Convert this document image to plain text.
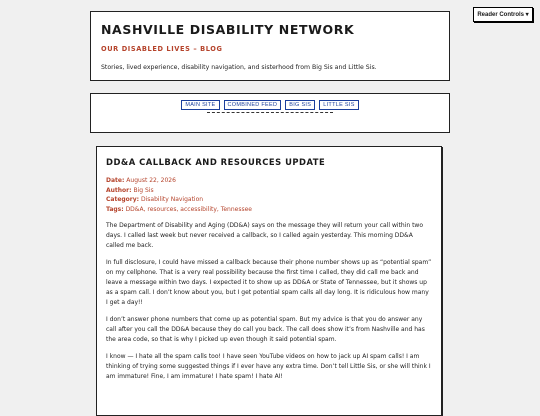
Reader Controls ▾
NASHVILLE DISABILITY NETWORK
OUR DISABLED LIVES – BLOG
Stories, lived experience, disability navigation, and sisterhood from Big Sis and Little Sis.
MAIN SITE	COMBINED FEED	BIG SIS	LITTLE SIS
DD&A CALLBACK AND RESOURCES UPDATE
Date: August 22, 2026
Author: Big Sis
Category: Disability Navigation
Tags: DD&A, resources, accessibility, Tennessee

The Department of Disability and Aging (DD&A) says on the message they will return your call within two days. I called last week but never received a callback, so I called again yesterday. This morning DD&A called me back.

In full disclosure, I could have missed a callback because their phone number shows up as “potential spam” on my cellphone. That is a very real possibility because the first time I called, they did call me back and leave a message within two days. I expected it to show up as DD&A or State of Tennessee, but it shows up as a spam call. I don’t know about you, but I get potential spam calls all day long. It is ridiculous how many I get a day!!

I don’t answer phone numbers that come up as potential spam. But my advice is that you do answer any call after you call the DD&A because they do call you back. The call does show it’s from Nashville and has the area code, so that is why I picked up even though it said potential spam.

I know — I hate all the spam calls too! I have seen YouTube videos on how to jack up AI spam calls! I am thinking of trying some suggested things if I ever have any extra time. Don’t tell Little Sis, or she will think I am immature! Fine, I am immature! I hate spam! I hate AI!
